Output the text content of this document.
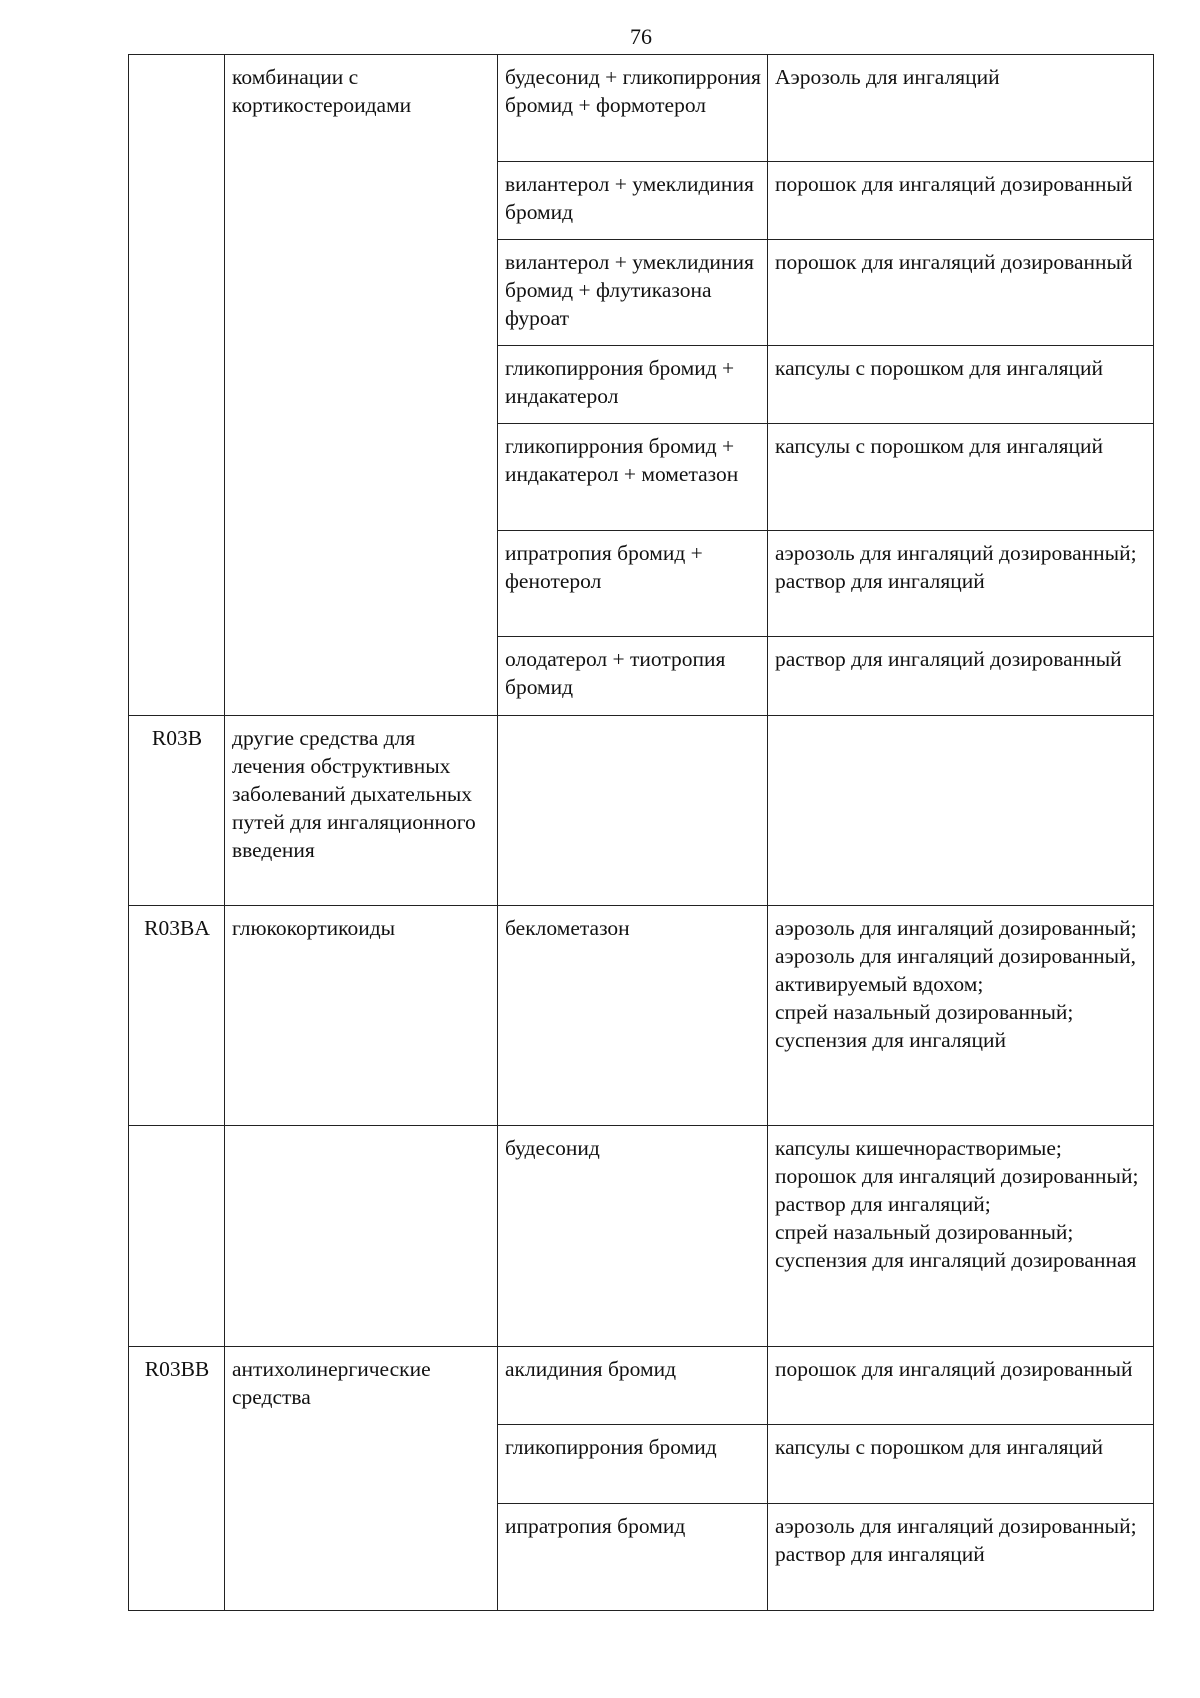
76
	комбинации с кортикостероидами	будесонид + гликопиррония бромид + формотерол	Аэрозоль для ингаляций

		вилантерол + умеклидиния бромид	порошок для ингаляций дозированный

		вилантерол + умеклидиния бромид + флутиказона фуроат	порошок для ингаляций дозированный

		гликопиррония бромид + индакатерол	капсулы с порошком для ингаляций

		гликопиррония бромид + индакатерол + мометазон	капсулы с порошком для ингаляций

		ипратропия бромид + фенотерол	аэрозоль для ингаляций дозированный;
раствор для ингаляций

		олодатерол + тиотропия бромид	раствор для ингаляций дозированный

R03B	другие средства для лечения обструктивных заболеваний дыхательных путей для ингаляционного введения		
R03BA	глюкокортикоиды	беклометазон	аэрозоль для ингаляций дозированный;
аэрозоль для ингаляций дозированный, активируемый вдохом;
спрей назальный дозированный;
суспензия для ингаляций

		будесонид	капсулы кишечнорастворимые;
порошок для ингаляций дозированный;
раствор для ингаляций;
спрей назальный дозированный;
суспензия для ингаляций дозированная

R03BB	антихолинергические средства	аклидиния бромид	порошок для ингаляций дозированный

		гликопиррония бромид	капсулы с порошком для ингаляций

		ипратропия бромид	аэрозоль для ингаляций дозированный;
раствор для ингаляций
